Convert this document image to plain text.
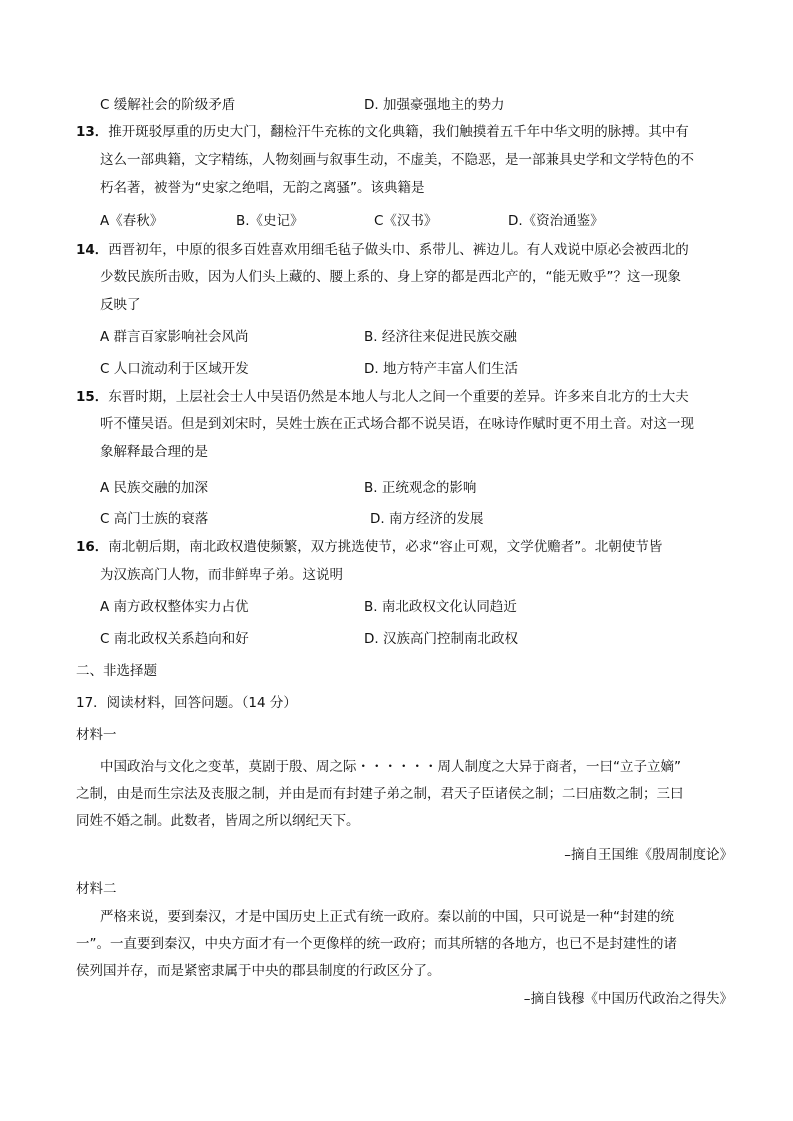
C 缓解社会的阶级矛盾	D. 加强豪强地主的势力
13．推开斑驳厚重的历史大门，翻检汗牛充栋的文化典籍，我们触摸着五千年中华文明的脉搏。其中有
这么一部典籍，文字精练，人物刻画与叙事生动，不虚美，不隐恶，是一部兼具史学和文学特色的不
朽名著，被誉为“史家之绝唱，无韵之离骚”。该典籍是
A《春秋》	B.《史记》	C《汉书》	D.《资治通鉴》
14．西晋初年，中原的很多百姓喜欢用细毛毡子做头巾、系带儿、裤边儿。有人戏说中原必会被西北的
少数民族所击败，因为人们头上藏的、腰上系的、身上穿的都是西北产的，“能无败乎”？这一现象
反映了
A 群言百家影响社会风尚	B. 经济往来促进民族交融
C 人口流动利于区域开发	D. 地方特产丰富人们生活
15．东晋时期，上层社会士人中吴语仍然是本地人与北人之间一个重要的差异。许多来自北方的士大夫
听不懂吴语。但是到刘宋时，吴姓士族在正式场合都不说吴语，在咏诗作赋时更不用土音。对这一现
象解释最合理的是
A 民族交融的加深	B. 正统观念的影响
C 高门士族的衰落	D. 南方经济的发展
16．南北朝后期，南北政权遣使频繁，双方挑选使节，必求“容止可观，文学优赡者”。北朝使节皆
为汉族高门人物，而非鲜卑子弟。这说明
A 南方政权整体实力占优	B. 南北政权文化认同趋近
C 南北政权关系趋向和好	D. 汉族高门控制南北政权
二、非选择题
17．阅读材料，回答问题。（14 分）
材料一
中国政治与文化之变革，莫剧于殷、周之际・・・・・・周人制度之大异于商者，一曰“立子立嫡”
之制，由是而生宗法及丧服之制，并由是而有封建子弟之制，君天子臣诸侯之制；二曰庙数之制；三曰
同姓不婚之制。此数者，皆周之所以纲纪天下。
–摘自王国维《殷周制度论》
材料二
严格来说，要到秦汉，才是中国历史上正式有统一政府。秦以前的中国，只可说是一种“封建的统
一”。一直要到秦汉，中央方面才有一个更像样的统一政府；而其所辖的各地方，也已不是封建性的诸
侯列国并存，而是紧密隶属于中央的郡县制度的行政区分了。
–摘自钱穆《中国历代政治之得失》
